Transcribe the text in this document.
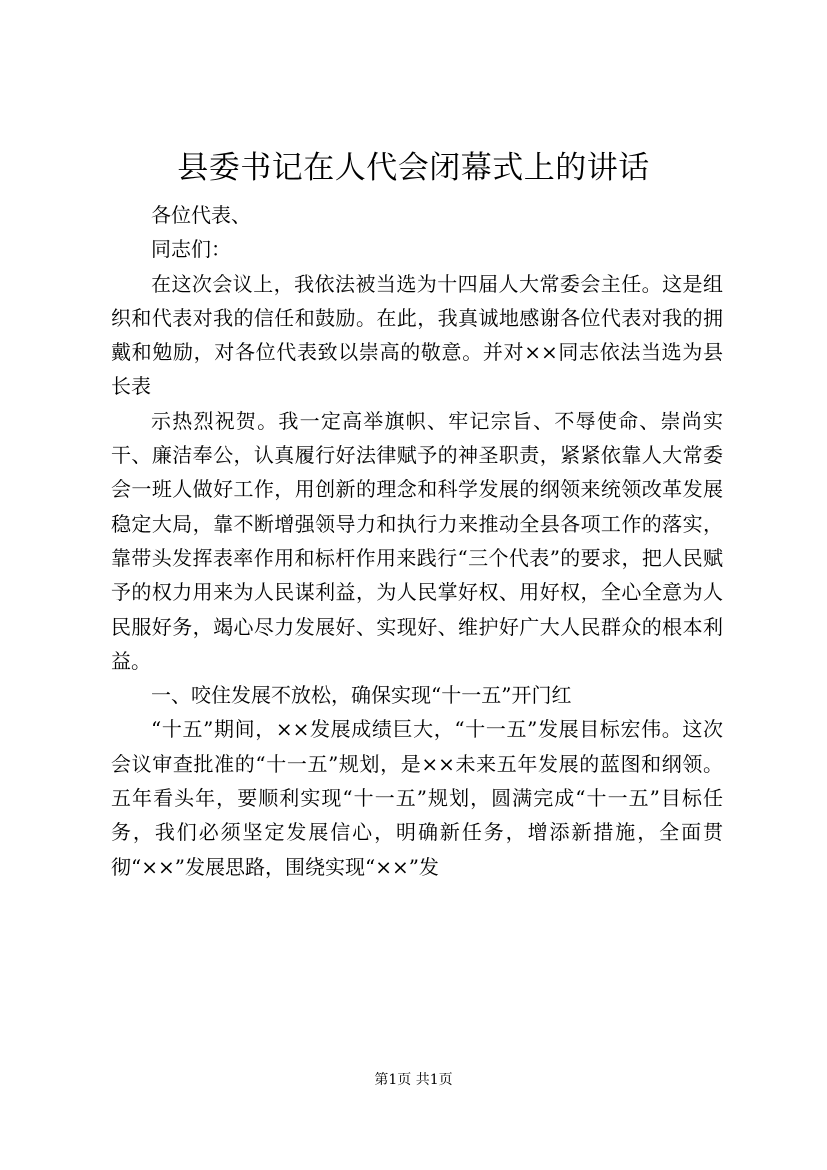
县委书记在人代会闭幕式上的讲话

各位代表、

同志们：

在这次会议上，我依法被当选为十四届人大常委会主任。这是组织和代表对我的信任和鼓励。在此，我真诚地感谢各位代表对我的拥戴和勉励，对各位代表致以崇高的敬意。并对××同志依法当选为县长表

示热烈祝贺。我一定高举旗帜、牢记宗旨、不辱使命、崇尚实干、廉洁奉公，认真履行好法律赋予的神圣职责，紧紧依靠人大常委会一班人做好工作，用创新的理念和科学发展的纲领来统领改革发展稳定大局，靠不断增强领导力和执行力来推动全县各项工作的落实，靠带头发挥表率作用和标杆作用来践行“三个代表”的要求，把人民赋予的权力用来为人民谋利益，为人民掌好权、用好权，全心全意为人民服好务，竭心尽力发展好、实现好、维护好广大人民群众的根本利益。

一、咬住发展不放松，确保实现“十一五”开门红

“十五”期间，××发展成绩巨大，“十一五”发展目标宏伟。这次会议审查批准的“十一五”规划，是××未来五年发展的蓝图和纲领。五年看头年，要顺利实现“十一五”规划，圆满完成“十一五”目标任务，我们必须坚定发展信心，明确新任务，增添新措施，全面贯彻“××”发展思路，围绕实现“××”发

第1页 共1页
